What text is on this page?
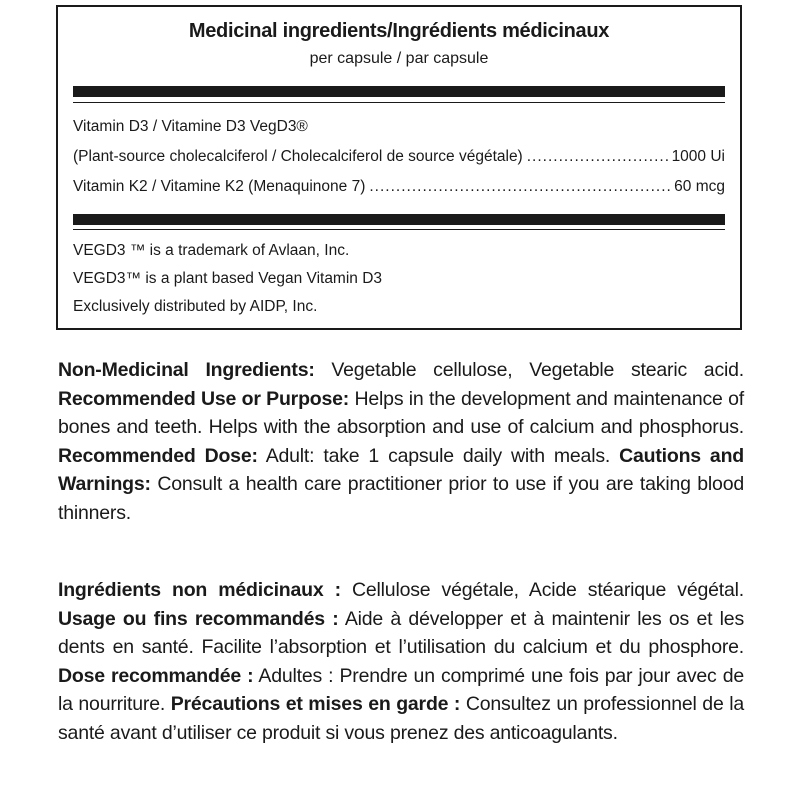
Medicinal ingredients/Ingrédients médicinaux
per capsule / par capsule
Vitamin D3 / Vitamine D3 VegD3®
(Plant-source cholecalciferol / Cholecalciferol de source végétale) .....	1000 Ui
Vitamin K2 / Vitamine K2 (Menaquinone 7) .....	60 mcg
VEGD3 ™ is a trademark of Avlaan, Inc.
VEGD3™ is a plant based Vegan Vitamin D3
Exclusively distributed by AIDP, Inc.
Non-Medicinal Ingredients: Vegetable cellulose, Vegetable stearic acid. Recommended Use or Purpose: Helps in the development and maintenance of bones and teeth. Helps with the absorption and use of calcium and phosphorus. Recommended Dose: Adult: take 1 capsule daily with meals. Cautions and Warnings: Consult a health care practitioner prior to use if you are taking blood thinners.
Ingrédients non médicinaux : Cellulose végétale, Acide stéarique végétal. Usage ou fins recommandés : Aide à développer et à maintenir les os et les dents en santé. Facilite l’absorption et l’utilisation du calcium et du phosphore. Dose recommandée : Adultes : Prendre un comprimé une fois par jour avec de la nourriture. Précautions et mises en garde : Consultez un professionnel de la santé avant d’utiliser ce produit si vous prenez des anticoagulants.
